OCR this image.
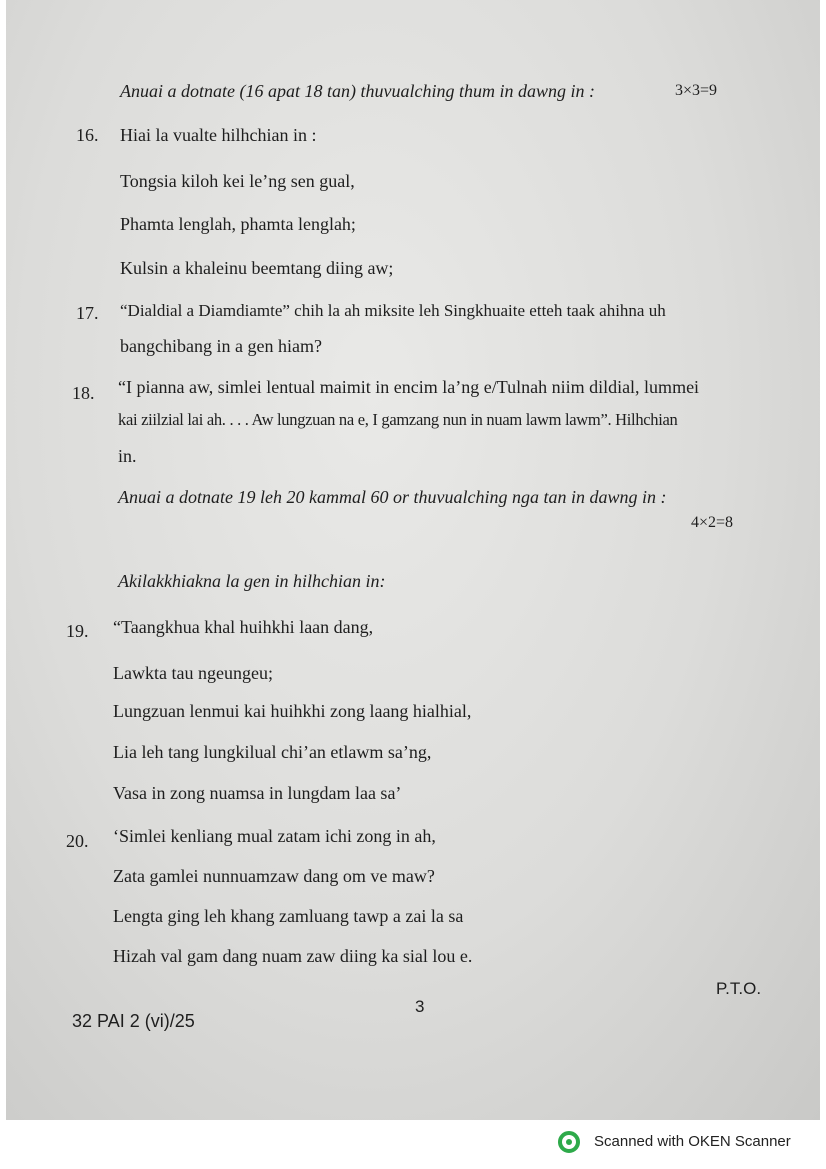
Anuai a dotnate (16 apat 18 tan) thuvualching thum in dawng in :	3×3=9
16. Hiai la vualte hilhchian in :
Tongsia kiloh kei le’ng sen gual,
Phamta lenglah, phamta lenglah;
Kulsin a khaleinu beemtang diing aw;
17. “Dialdial a Diamdiamte” chih la ah miksite leh Singkhuaite etteh taak ahihna uh
bangchibang in a gen hiam?
18. “I pianna aw, simlei lentual maimit in encim la’ng e/Tulnah niim dildial, lummei
kai ziilzial lai ah. . . . Aw lungzuan na e, I gamzang nun in nuam lawm lawm”. Hilhchian
in.
Anuai a dotnate 19 leh 20 kammal 60 or thuvualching nga tan in dawng in :
4×2=8
Akilakkhiakna la gen in hilhchian in:
19. “Taangkhua khal huihkhi laan dang,
Lawkta tau ngeungeu;
Lungzuan lenmui kai huihkhi zong laang hialhial,
Lia leh tang lungkilual chi’an etlawm sa’ng,
Vasa in zong nuamsa in lungdam laa sa’
20. ‘Simlei kenliang mual zatam ichi zong in ah,
Zata gamlei nunnuamzaw dang om ve maw?
Lengta ging leh khang zamluang tawp a zai la sa
Hizah val gam dang nuam zaw diing ka sial lou e.
P.T.O.
3
32 PAI 2 (vi)/25
Scanned with OKEN Scanner
